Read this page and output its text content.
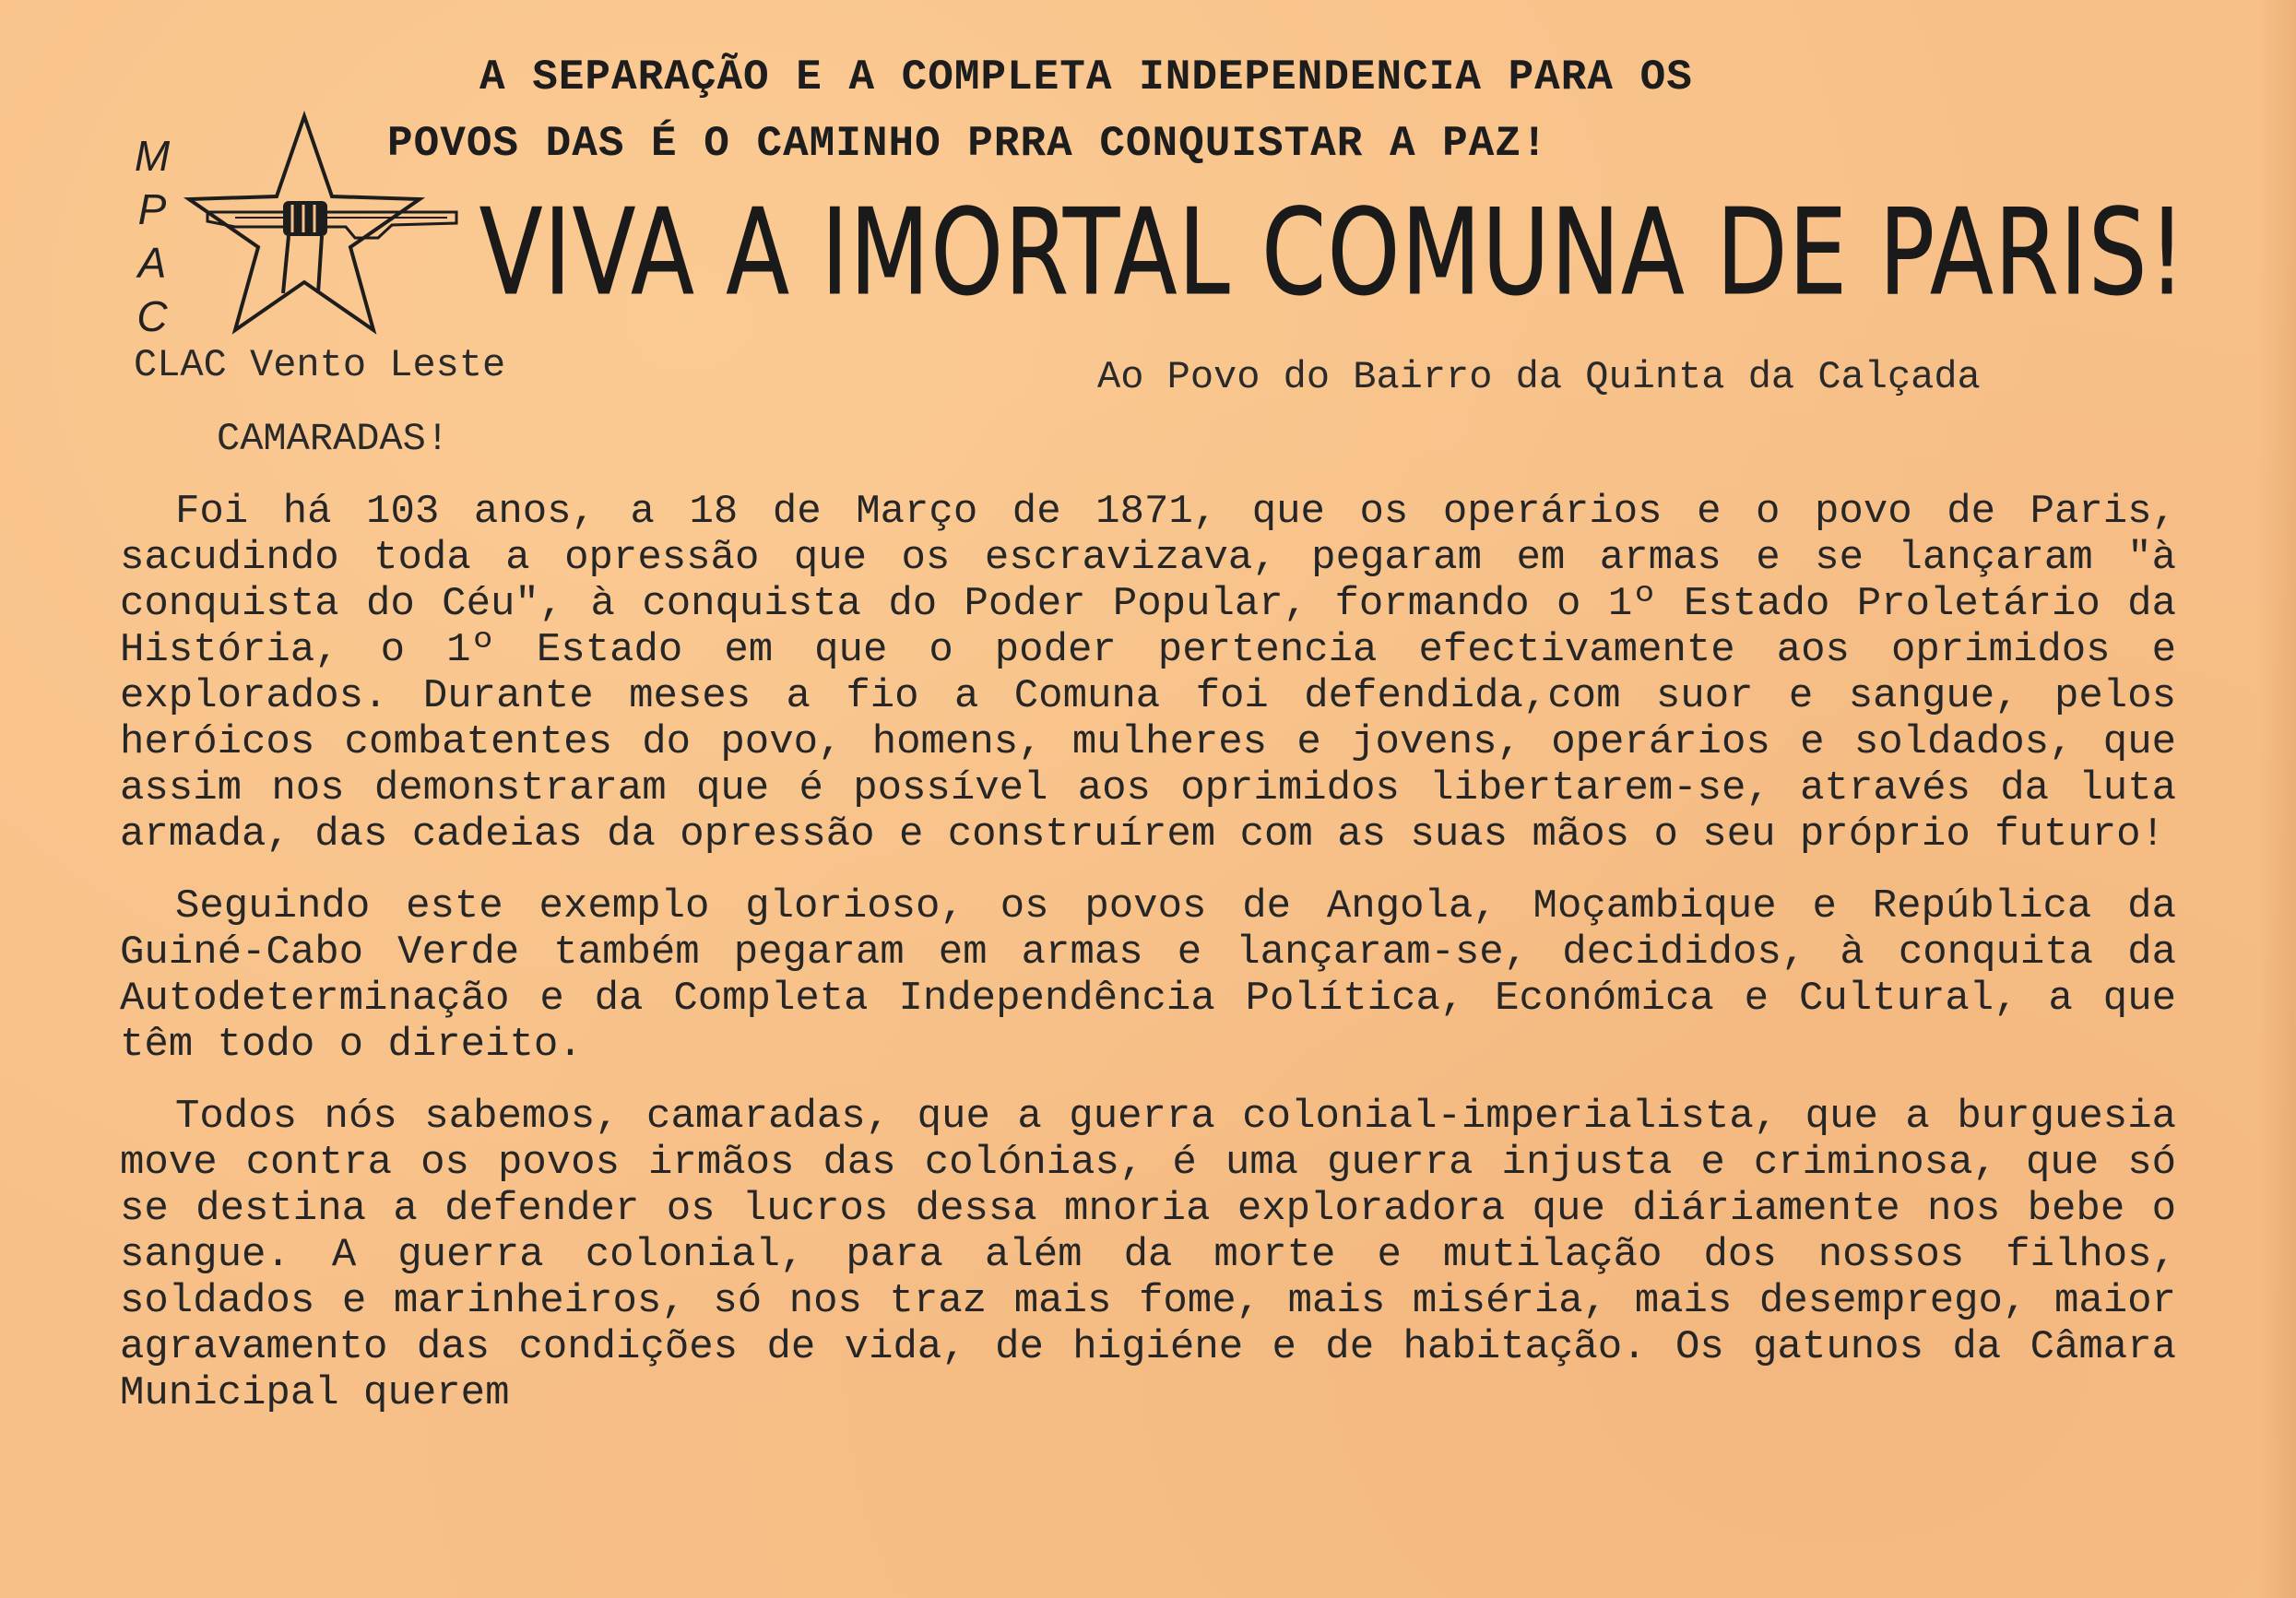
A SEPARAÇÃO E A COMPLETA INDEPENDENCIA PARA OS
POVOS DAS É O CAMINHO PRRA CONQUISTAR A PAZ!
M
P
A
C	VIVA A IMORTAL COMUNA DE PARIS!
CLAC Vento Leste	Ao Povo do Bairro da Quinta da Calçada
CAMARADAS!

Foi há 103 anos, a 18 de Março de 1871, que os operários e o povo de Paris, sacudindo toda a opressão que os escravizava, pegaram em armas e se lançaram "à conquista do Céu", à conquista do Poder Popular, formando o 1º Estado Proletário da História, o 1º Estado em que o poder pertencia efectivamente aos oprimidos e explorados. Durante meses a fio a Comuna foi defendida,com suor e sangue, pelos heróicos combatentes do povo, homens, mulheres e jovens, operários e soldados, que assim nos demonstraram que é possível aos oprimidos libertarem-se, através da luta armada, das cadeias da opressão e construírem com as suas mãos o seu próprio futuro!

Seguindo este exemplo glorioso, os povos de Angola, Moçambique e República da Guiné-Cabo Verde também pegaram em armas e lançaram-se, decididos, à conquita da Autodeterminação e da Completa Independência Política, Económica e Cultural, a que têm todo o direito.

Todos nós sabemos, camaradas, que a guerra colonial-imperialista, que a burguesia move contra os povos irmãos das colónias, é uma guerra injusta e criminosa, que só se destina a defender os lucros dessa mnoria exploradora que diáriamente nos bebe o sangue. A guerra colonial, para além da morte e mutilação dos nossos filhos, soldados e marinheiros, só nos traz mais fome, mais miséria, mais desemprego, maior agravamento das condições de vida, de higiéne e de habitação. Os gatunos da Câmara Municipal querem
